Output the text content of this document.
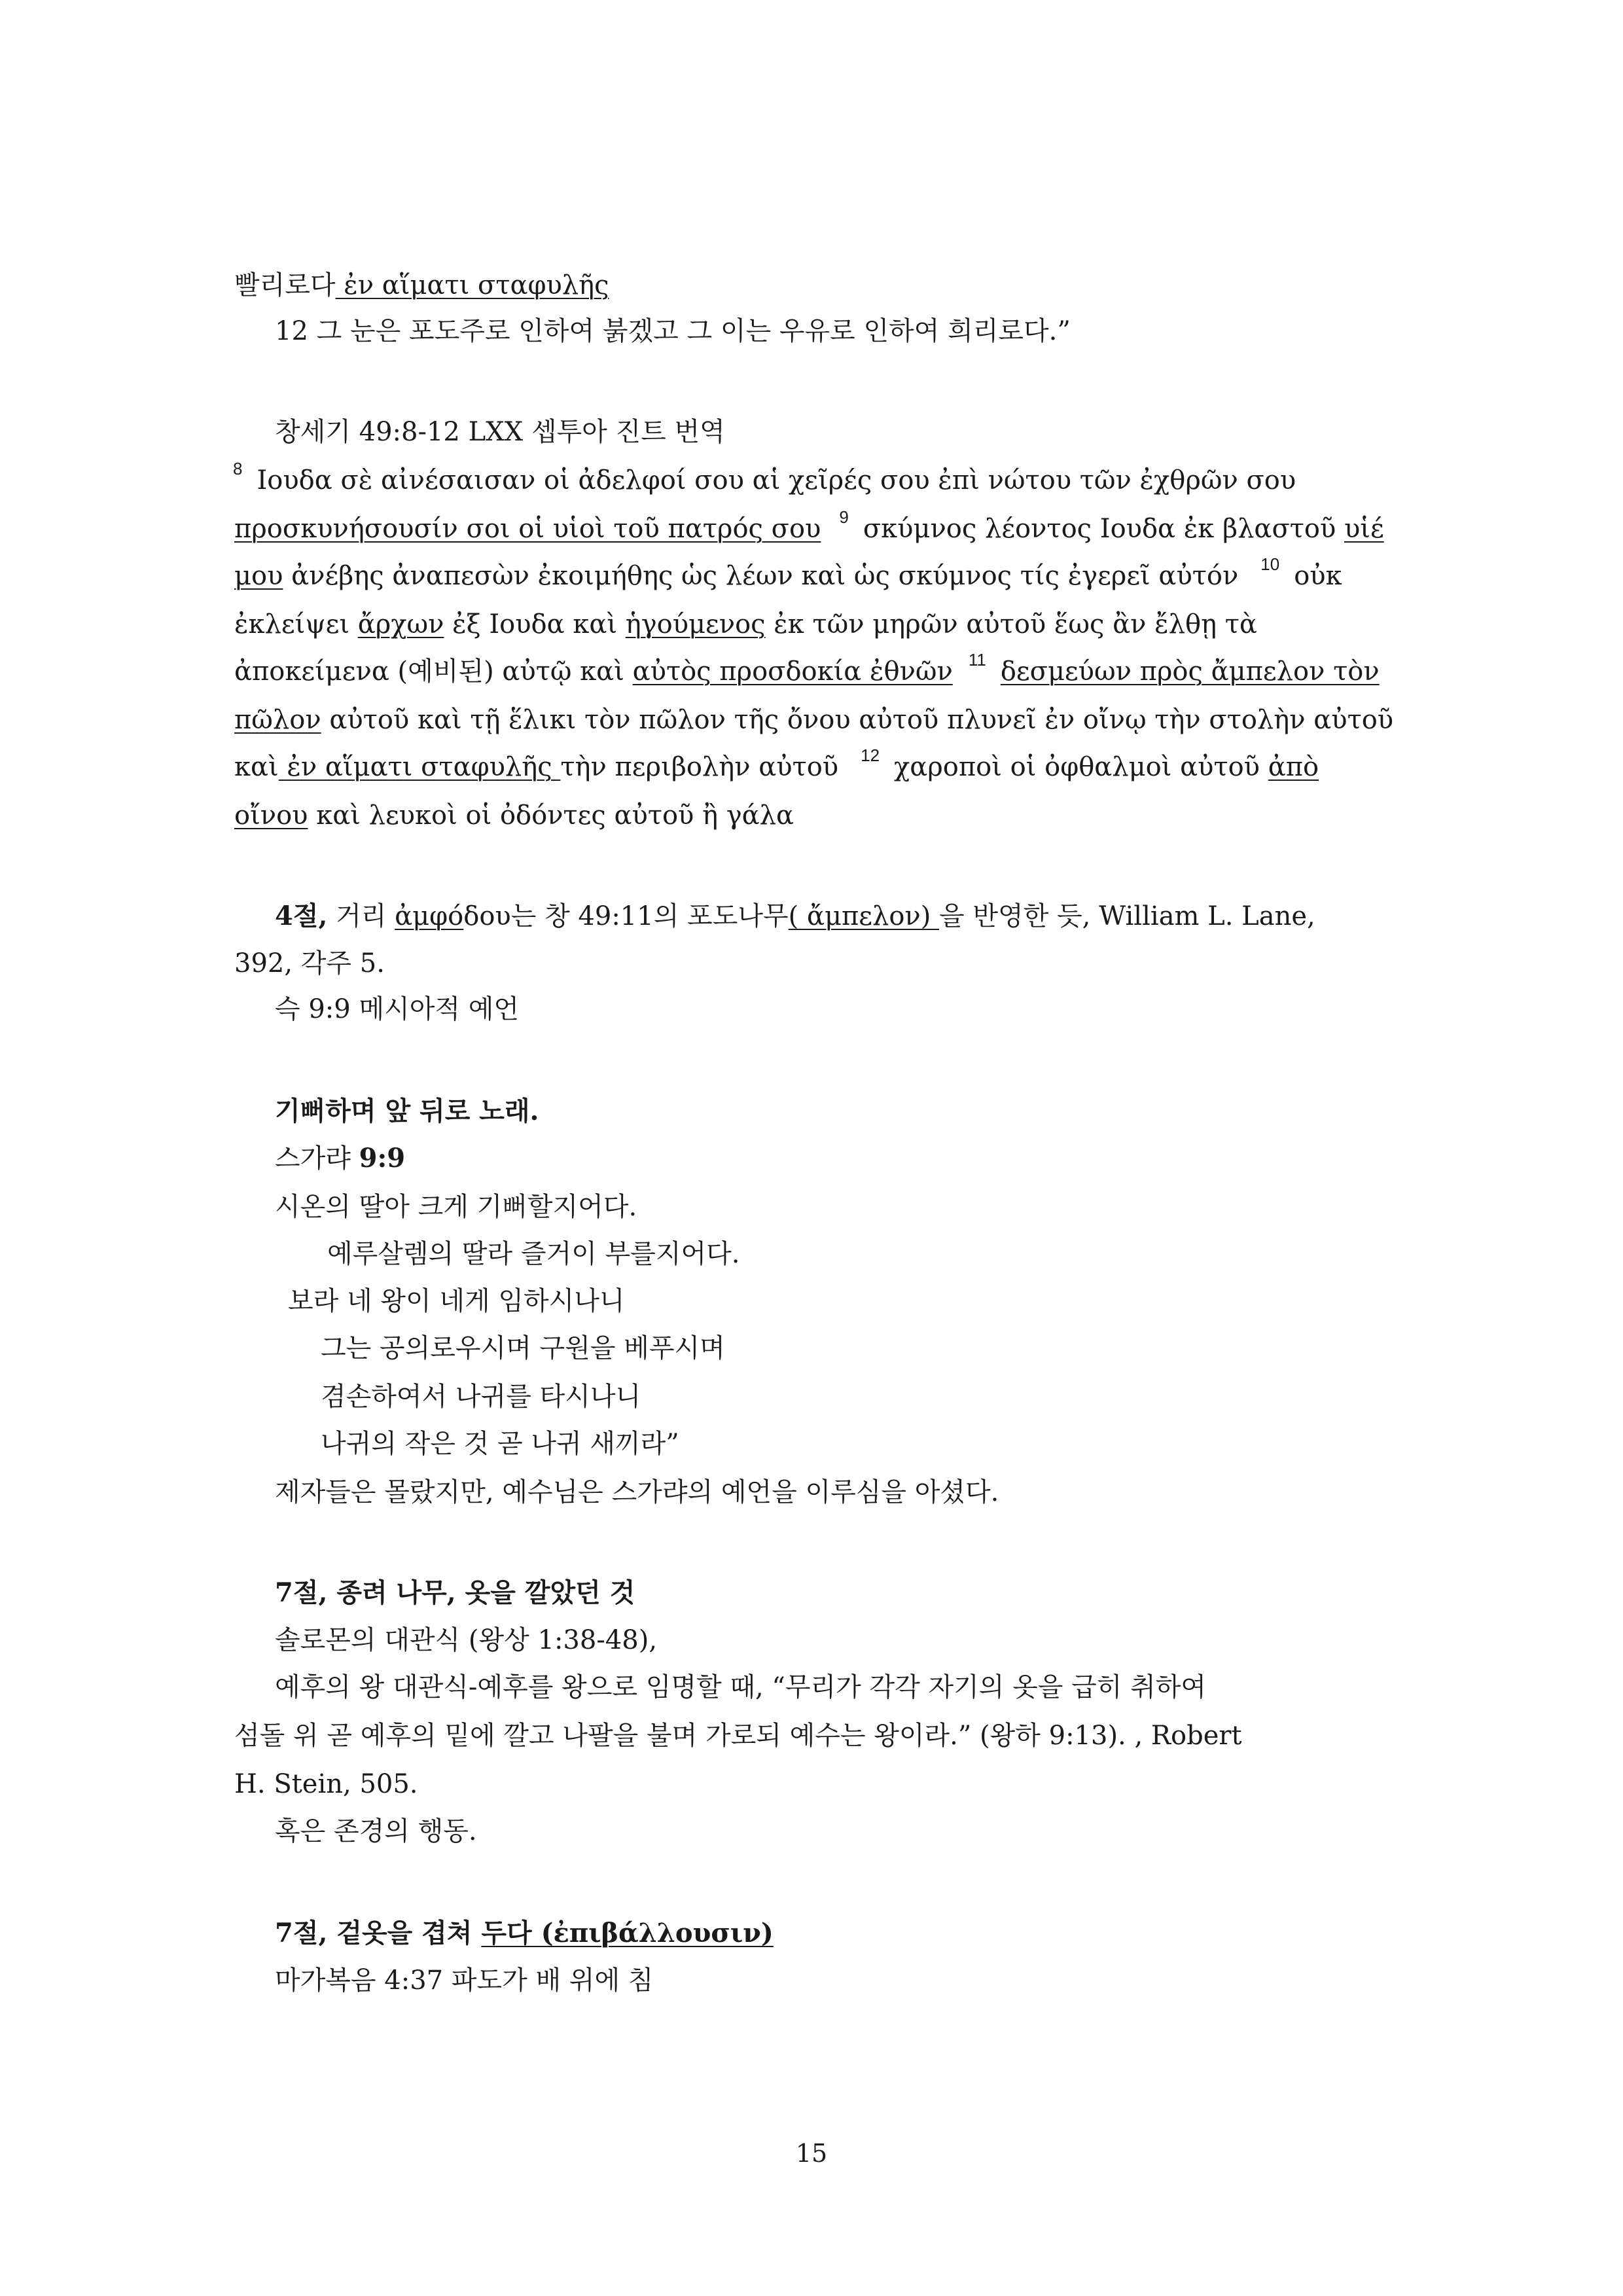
빨리로다 ἐν αἵματι σταφυλῆς
12 그 눈은 포도주로 인하여 붉겠고 그 이는 우유로 인하여 희리로다.”
창세기 49:8-12 LXX 셉투아 진트 번역
$^8$ Ιουδα σὲ αἰνέσαισαν οἱ ἀδελφοί σου αἱ χεῖρές σου ἐπὶ νώτου τῶν ἐχθρῶν σου
προσκυνήσουσίν σοι οἱ υἱοὶ τοῦ πατρός σου $^9$ σκύμνος λέοντος Ιουδα ἐκ βλαστοῦ υἱέ
μου ἀνέβης ἀναπεσὼν ἐκοιμήθης ὡς λέων καὶ ὡς σκύμνος τίς ἐγερεῖ αὐτόν $^{10}$ οὐκ
ἐκλείψει ἄρχων ἐξ Ιουδα καὶ ἡγούμενος ἐκ τῶν μηρῶν αὐτοῦ ἕως ἂν ἔλθῃ τὰ
ἀποκείμενα (예비된) αὐτῷ καὶ αὐτὸς προσδοκία ἐθνῶν $^{11}$ δεσμεύων πρὸς ἄμπελον τὸν
πῶλον αὐτοῦ καὶ τῇ ἕλικι τὸν πῶλον τῆς ὄνου αὐτοῦ πλυνεῖ ἐν οἴνῳ τὴν στολὴν αὐτοῦ
καὶ ἐν αἵματι σταφυλῆς τὴν περιβολὴν αὐτοῦ $^{12}$ χαροποὶ οἱ ὀφθαλμοὶ αὐτοῦ ἀπὸ
οἴνου καὶ λευκοὶ οἱ ὀδόντες αὐτοῦ ἢ γάλα
4절, 거리 ἀμφόδου는 창 49:11의 포도나무( ἄμπελον) 을 반영한 듯, William L. Lane,
392, 각주 5.
슥 9:9 메시아적 예언
기뻐하며 앞 뒤로 노래.
스가랴 9:9
시온의 딸아 크게 기뻐할지어다.
예루살렘의 딸라 즐거이 부를지어다.
보라 네 왕이 네게 임하시나니
그는 공의로우시며 구원을 베푸시며
겸손하여서 나귀를 타시나니
나귀의 작은 것 곧 나귀 새끼라”
제자들은 몰랐지만, 예수님은 스가랴의 예언을 이루심을 아셨다.
7절, 종려 나무, 옷을 깔았던 것
솔로몬의 대관식 (왕상 1:38-48),
예후의 왕 대관식-예후를 왕으로 임명할 때, “무리가 각각 자기의 옷을 급히 취하여
섬돌 위 곧 예후의 밑에 깔고 나팔을 불며 가로되 예수는 왕이라.” (왕하 9:13). , Robert
H. Stein, 505.
혹은 존경의 행동.
7절, 겉옷을 겹쳐 두다 (ἐπιβάλλουσιν)
마가복음 4:37 파도가 배 위에 침
15
